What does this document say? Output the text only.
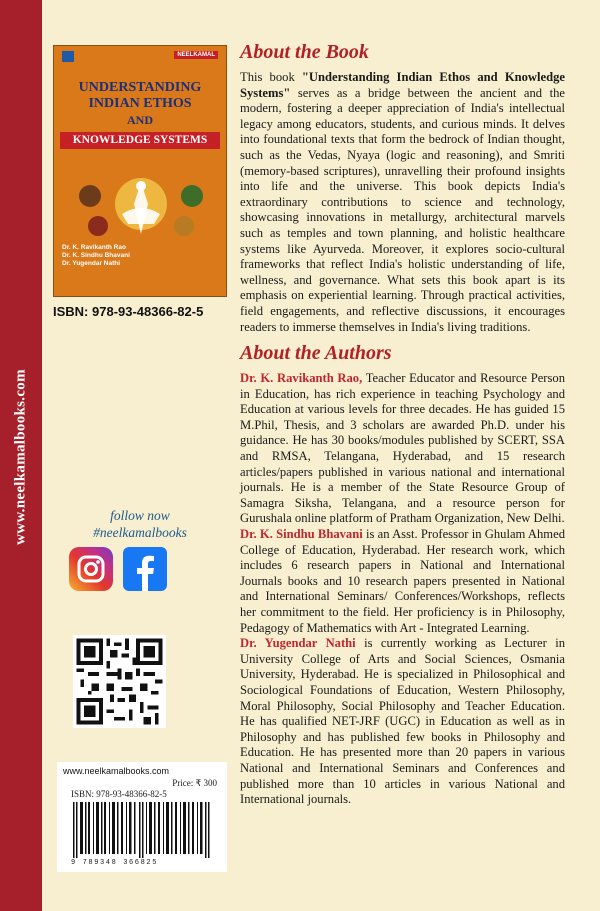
www.neelkamalbooks.com
NEELKAMAL
UNDERSTANDING
INDIAN ETHOS
AND
KNOWLEDGE SYSTEMS
Dr. K. Ravikanth Rao
Dr. K. Sindhu Bhavani
Dr. Yugendar Nathi
ISBN: 978-93-48366-82-5
follow now
#neelkamalbooks
www.neelkamalbooks.com
Price: ₹ 300
ISBN: 978-93-48366-82-5
9 789348 366825
About the Book

This book "Understanding Indian Ethos and Knowledge Systems" serves as a bridge between the ancient and the modern, fostering a deeper appreciation of India's intellectual legacy among educators, students, and curious minds. It delves into foundational texts that form the bedrock of Indian thought, such as the Vedas, Nyaya (logic and reasoning), and Smriti (memory-based scriptures), unravelling their profound insights into life and the universe. This book depicts India's extraordinary contributions to science and technology, showcasing innovations in metallurgy, architectural marvels such as temples and town planning, and holistic healthcare systems like Ayurveda. Moreover, it explores socio-cultural frameworks that reflect India's holistic understanding of life, wellness, and governance. What sets this book apart is its emphasis on experiential learning. Through practical activities, field engagements, and reflective discussions, it encourages readers to immerse themselves in India's living traditions.

About the Authors

Dr. K. Ravikanth Rao, Teacher Educator and Resource Person in Education, has rich experience in teaching Psychology and Education at various levels for three decades. He has guided 15 M.Phil, Thesis, and 3 scholars are awarded Ph.D. under his guidance. He has 30 books/modules published by SCERT, SSA and RMSA, Telangana, Hyderabad, and 15 research articles/papers published in various national and international journals. He is a member of the State Resource Group of Samagra Siksha, Telangana, and a resource person for Gurushala online platform of Pratham Organization, New Delhi.

Dr. K. Sindhu Bhavani is an Asst. Professor in Ghulam Ahmed College of Education, Hyderabad. Her research work, which includes 6 research papers in National and International Journals books and 10 research papers presented in National and International Seminars/ Conferences/Workshops, reflects her commitment to the field. Her proficiency is in Philosophy, Pedagogy of Mathematics with Art - Integrated Learning.

Dr. Yugendar Nathi is currently working as Lecturer in University College of Arts and Social Sciences, Osmania University, Hyderabad. He is specialized in Philosophical and Sociological Foundations of Education, Western Philosophy, Moral Philosophy, Social Philosophy and Teacher Education. He has qualified NET-JRF (UGC) in Education as well as in Philosophy and has published few books in Philosophy and Education. He has presented more than 20 papers in various National and International Seminars and Conferences and published more than 10 articles in various National and International journals.
